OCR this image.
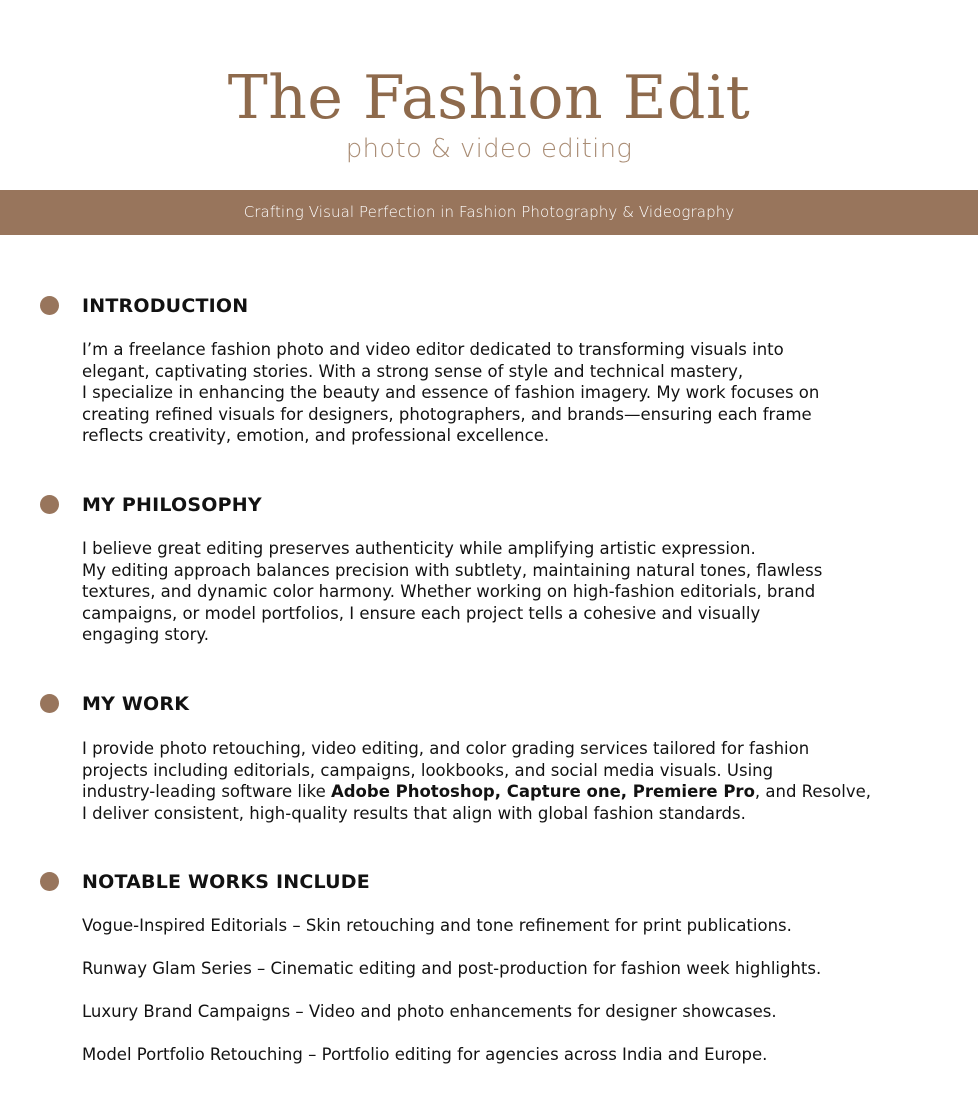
The Fashion Edit
photo & video editing
Crafting Visual Perfection in Fashion Photography & Videography
INTRODUCTION
I’m a freelance fashion photo and video editor dedicated to transforming visuals into
elegant, captivating stories. With a strong sense of style and technical mastery,
I specialize in enhancing the beauty and essence of fashion imagery. My work focuses on
creating refined visuals for designers, photographers, and brands—ensuring each frame
reflects creativity, emotion, and professional excellence.
MY PHILOSOPHY
I believe great editing preserves authenticity while amplifying artistic expression.
My editing approach balances precision with subtlety, maintaining natural tones, flawless
textures, and dynamic color harmony. Whether working on high-fashion editorials, brand
campaigns, or model portfolios, I ensure each project tells a cohesive and visually
engaging story.
MY WORK
I provide photo retouching, video editing, and color grading services tailored for fashion
projects including editorials, campaigns, lookbooks, and social media visuals. Using
industry-leading software like Adobe Photoshop, Capture one, Premiere Pro, and Resolve,
I deliver consistent, high-quality results that align with global fashion standards.
NOTABLE WORKS INCLUDE
Vogue-Inspired Editorials – Skin retouching and tone refinement for print publications.
Runway Glam Series – Cinematic editing and post-production for fashion week highlights.
Luxury Brand Campaigns – Video and photo enhancements for designer showcases.
Model Portfolio Retouching – Portfolio editing for agencies across India and Europe.
